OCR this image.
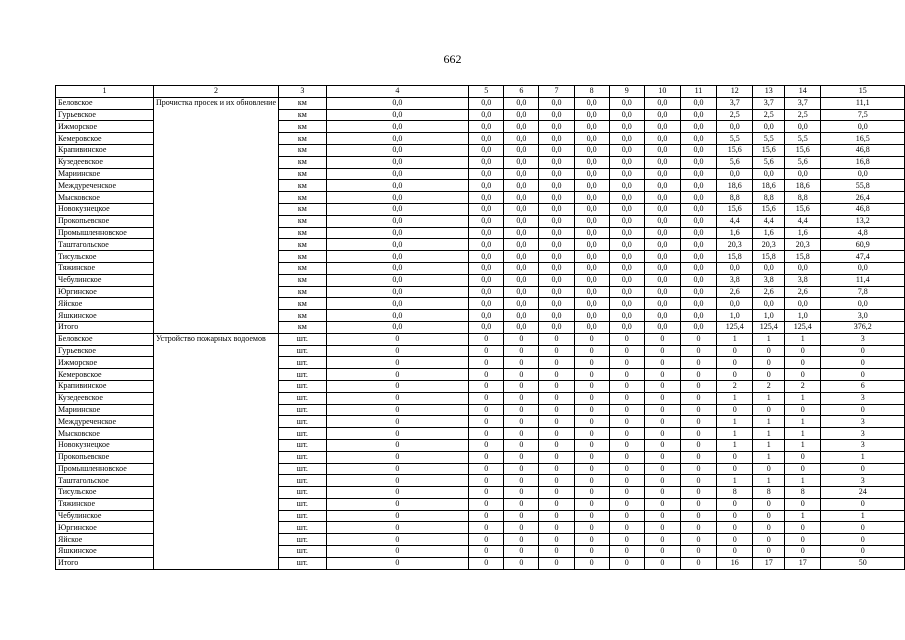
662
1	2	3	4	5	6	7	8	9	10	11	12	13	14	15
Беловское	Прочистка просек и их обновление	км	0,0	0,0	0,0	0,0	0,0	0,0	0,0	0,0	3,7	3,7	3,7	11,1
Гурьевское		км	0,0	0,0	0,0	0,0	0,0	0,0	0,0	0,0	2,5	2,5	2,5	7,5
Ижморское		км	0,0	0,0	0,0	0,0	0,0	0,0	0,0	0,0	0,0	0,0	0,0	0,0
Кемеровское		км	0,0	0,0	0,0	0,0	0,0	0,0	0,0	0,0	5,5	5,5	5,5	16,5
Крапивинское		км	0,0	0,0	0,0	0,0	0,0	0,0	0,0	0,0	15,6	15,6	15,6	46,8
Кузедеевское		км	0,0	0,0	0,0	0,0	0,0	0,0	0,0	0,0	5,6	5,6	5,6	16,8
Мариинское		км	0,0	0,0	0,0	0,0	0,0	0,0	0,0	0,0	0,0	0,0	0,0	0,0
Междуреченское		км	0,0	0,0	0,0	0,0	0,0	0,0	0,0	0,0	18,6	18,6	18,6	55,8
Мысковское		км	0,0	0,0	0,0	0,0	0,0	0,0	0,0	0,0	8,8	8,8	8,8	26,4
Новокузнецкое		км	0,0	0,0	0,0	0,0	0,0	0,0	0,0	0,0	15,6	15,6	15,6	46,8
Прокопьевское		км	0,0	0,0	0,0	0,0	0,0	0,0	0,0	0,0	4,4	4,4	4,4	13,2
Промышленновское		км	0,0	0,0	0,0	0,0	0,0	0,0	0,0	0,0	1,6	1,6	1,6	4,8
Таштагольское		км	0,0	0,0	0,0	0,0	0,0	0,0	0,0	0,0	20,3	20,3	20,3	60,9
Тисульское		км	0,0	0,0	0,0	0,0	0,0	0,0	0,0	0,0	15,8	15,8	15,8	47,4
Тяжинское		км	0,0	0,0	0,0	0,0	0,0	0,0	0,0	0,0	0,0	0,0	0,0	0,0
Чебулинское		км	0,0	0,0	0,0	0,0	0,0	0,0	0,0	0,0	3,8	3,8	3,8	11,4
Юргинское		км	0,0	0,0	0,0	0,0	0,0	0,0	0,0	0,0	2,6	2,6	2,6	7,8
Яйское		км	0,0	0,0	0,0	0,0	0,0	0,0	0,0	0,0	0,0	0,0	0,0	0,0
Яшкинское		км	0,0	0,0	0,0	0,0	0,0	0,0	0,0	0,0	1,0	1,0	1,0	3,0
Итого		км	0,0	0,0	0,0	0,0	0,0	0,0	0,0	0,0	125,4	125,4	125,4	376,2
Беловское	Устройство пожарных водоемов	шт.	0	0	0	0	0	0	0	0	1	1	1	3
Гурьевское		шт.	0	0	0	0	0	0	0	0	0	0	0	0
Ижморское		шт.	0	0	0	0	0	0	0	0	0	0	0	0
Кемеровское		шт.	0	0	0	0	0	0	0	0	0	0	0	0
Крапивинское		шт.	0	0	0	0	0	0	0	0	2	2	2	6
Кузедеевское		шт.	0	0	0	0	0	0	0	0	1	1	1	3
Мариинское		шт.	0	0	0	0	0	0	0	0	0	0	0	0
Междуреченское		шт.	0	0	0	0	0	0	0	0	1	1	1	3
Мысковское		шт.	0	0	0	0	0	0	0	0	1	1	1	3
Новокузнецкое		шт.	0	0	0	0	0	0	0	0	1	1	1	3
Прокопьевское		шт.	0	0	0	0	0	0	0	0	0	1	0	1
Промышленновское		шт.	0	0	0	0	0	0	0	0	0	0	0	0
Таштагольское		шт.	0	0	0	0	0	0	0	0	1	1	1	3
Тисульское		шт.	0	0	0	0	0	0	0	0	8	8	8	24
Тяжинское		шт.	0	0	0	0	0	0	0	0	0	0	0	0
Чебулинское		шт.	0	0	0	0	0	0	0	0	0	0	1	1
Юргинское		шт.	0	0	0	0	0	0	0	0	0	0	0	0
Яйское		шт.	0	0	0	0	0	0	0	0	0	0	0	0
Яшкинское		шт.	0	0	0	0	0	0	0	0	0	0	0	0
Итого		шт.	0	0	0	0	0	0	0	0	16	17	17	50
